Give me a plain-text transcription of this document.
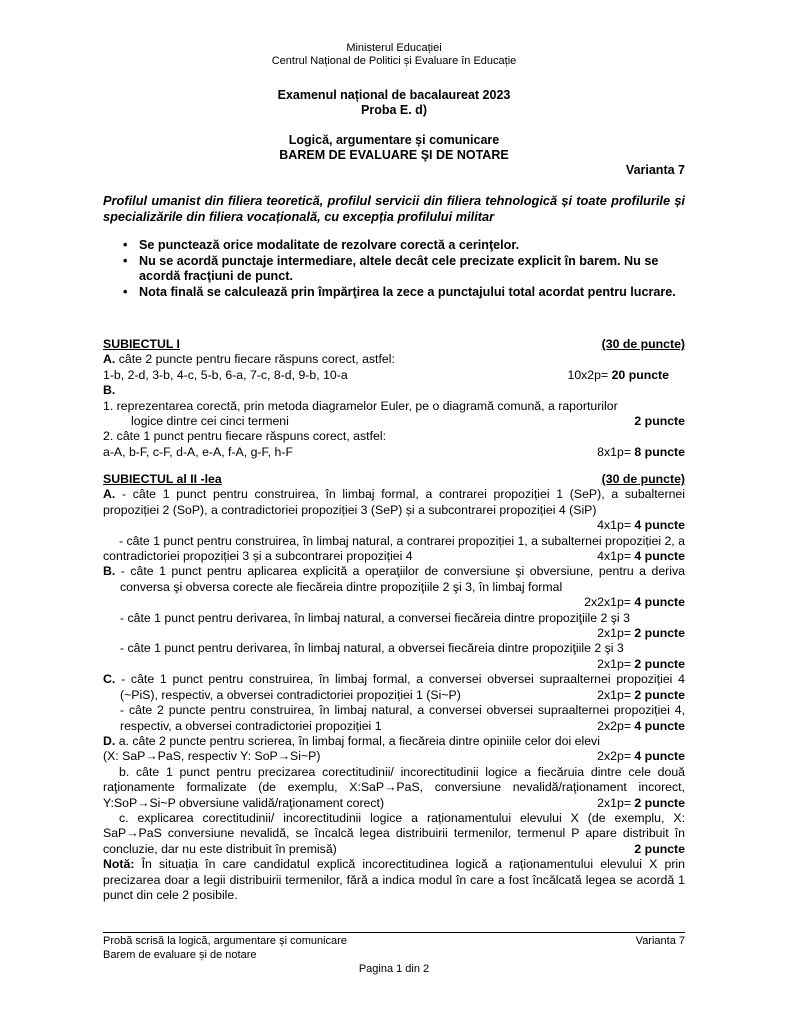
Ministerul Educației
Centrul Național de Politici și Evaluare în Educație
Examenul național de bacalaureat 2023
Proba E. d)
Logică, argumentare și comunicare
BAREM DE EVALUARE ŞI DE NOTARE
Varianta 7
Profilul umanist din filiera teoretică, profilul servicii din filiera tehnologică și toate profilurile și specializările din filiera vocațională, cu excepția profilului militar
• Se punctează orice modalitate de rezolvare corectă a cerinţelor.
• Nu se acordă punctaje intermediare, altele decât cele precizate explicit în barem. Nu se acordă fracţiuni de punct.
• Nota finală se calculează prin împărţirea la zece a punctajului total acordat pentru lucrare.
SUBIECTUL I	(30 de puncte)
A. câte 2 puncte pentru fiecare răspuns corect, astfel:
1-b, 2-d, 3-b, 4-c, 5-b, 6-a, 7-c, 8-d, 9-b, 10-a	10x2p= 20 puncte
B.
1. reprezentarea corectă, prin metoda diagramelor Euler, pe o diagramă comună, a raporturilor
logice dintre cei cinci termeni	2 puncte
2. câte 1 punct pentru fiecare răspuns corect, astfel:
a-A, b-F, c-F, d-A, e-A, f-A, g-F, h-F	8x1p= 8 puncte
SUBIECTUL al II -lea	(30 de puncte)
A. - câte 1 punct pentru construirea, în limbaj formal, a contrarei propoziției 1 (SeP), a subalternei propoziției 2 (SoP), a contradictoriei propoziției 3 (SeP) și a subcontrarei propoziției 4 (SiP)
4x1p= 4 puncte
- câte 1 punct pentru construirea, în limbaj natural, a contrarei propoziției 1, a subalternei propoziției 2, a contradictoriei propoziției 3 și a subcontrarei propoziției 4	4x1p= 4 puncte
B. - câte 1 punct pentru aplicarea explicită a operaţiilor de conversiune şi obversiune, pentru a deriva conversa şi obversa corecte ale fiecăreia dintre propoziţiile 2 şi 3, în limbaj formal
2x2x1p= 4 puncte
- câte 1 punct pentru derivarea, în limbaj natural, a conversei fiecăreia dintre propoziţiile 2 şi 3
2x1p= 2 puncte
- câte 1 punct pentru derivarea, în limbaj natural, a obversei fiecăreia dintre propoziţiile 2 şi 3
2x1p= 2 puncte
C. - câte 1 punct pentru construirea, în limbaj formal, a conversei obversei supraalternei propoziției 4 (~PiS), respectiv, a obversei contradictoriei propoziției 1 (Si~P)	2x1p= 2 puncte
- câte 2 puncte pentru construirea, în limbaj natural, a conversei obversei supraalternei propoziției 4, respectiv, a obversei contradictoriei propoziției 1	2x2p= 4 puncte
D. a. câte 2 puncte pentru scrierea, în limbaj formal, a fiecăreia dintre opiniile celor doi elevi
(X: SaP→PaS, respectiv Y: SoP→Si~P)	2x2p= 4 puncte
b. câte 1 punct pentru precizarea corectitudinii/ incorectitudinii logice a fiecăruia dintre cele două raţionamente formalizate (de exemplu, X:SaP→PaS, conversiune nevalidă/raţionament incorect, Y:SoP→Si~P obversiune validă/raţionament corect)	2x1p= 2 puncte
c. explicarea corectitudinii/ incorectitudinii logice a raționamentului elevului X (de exemplu, X: SaP→PaS conversiune nevalidă, se încalcă legea distribuirii termenilor, termenul P apare distribuit în concluzie, dar nu este distribuit în premisă)	2 puncte
Notă: În situația în care candidatul explică incorectitudinea logică a raționamentului elevului X prin precizarea doar a legii distribuirii termenilor, fără a indica modul în care a fost încălcată legea se acordă 1 punct din cele 2 posibile.
Probă scrisă la logică, argumentare și comunicare	Varianta 7
Barem de evaluare și de notare
Pagina 1 din 2
